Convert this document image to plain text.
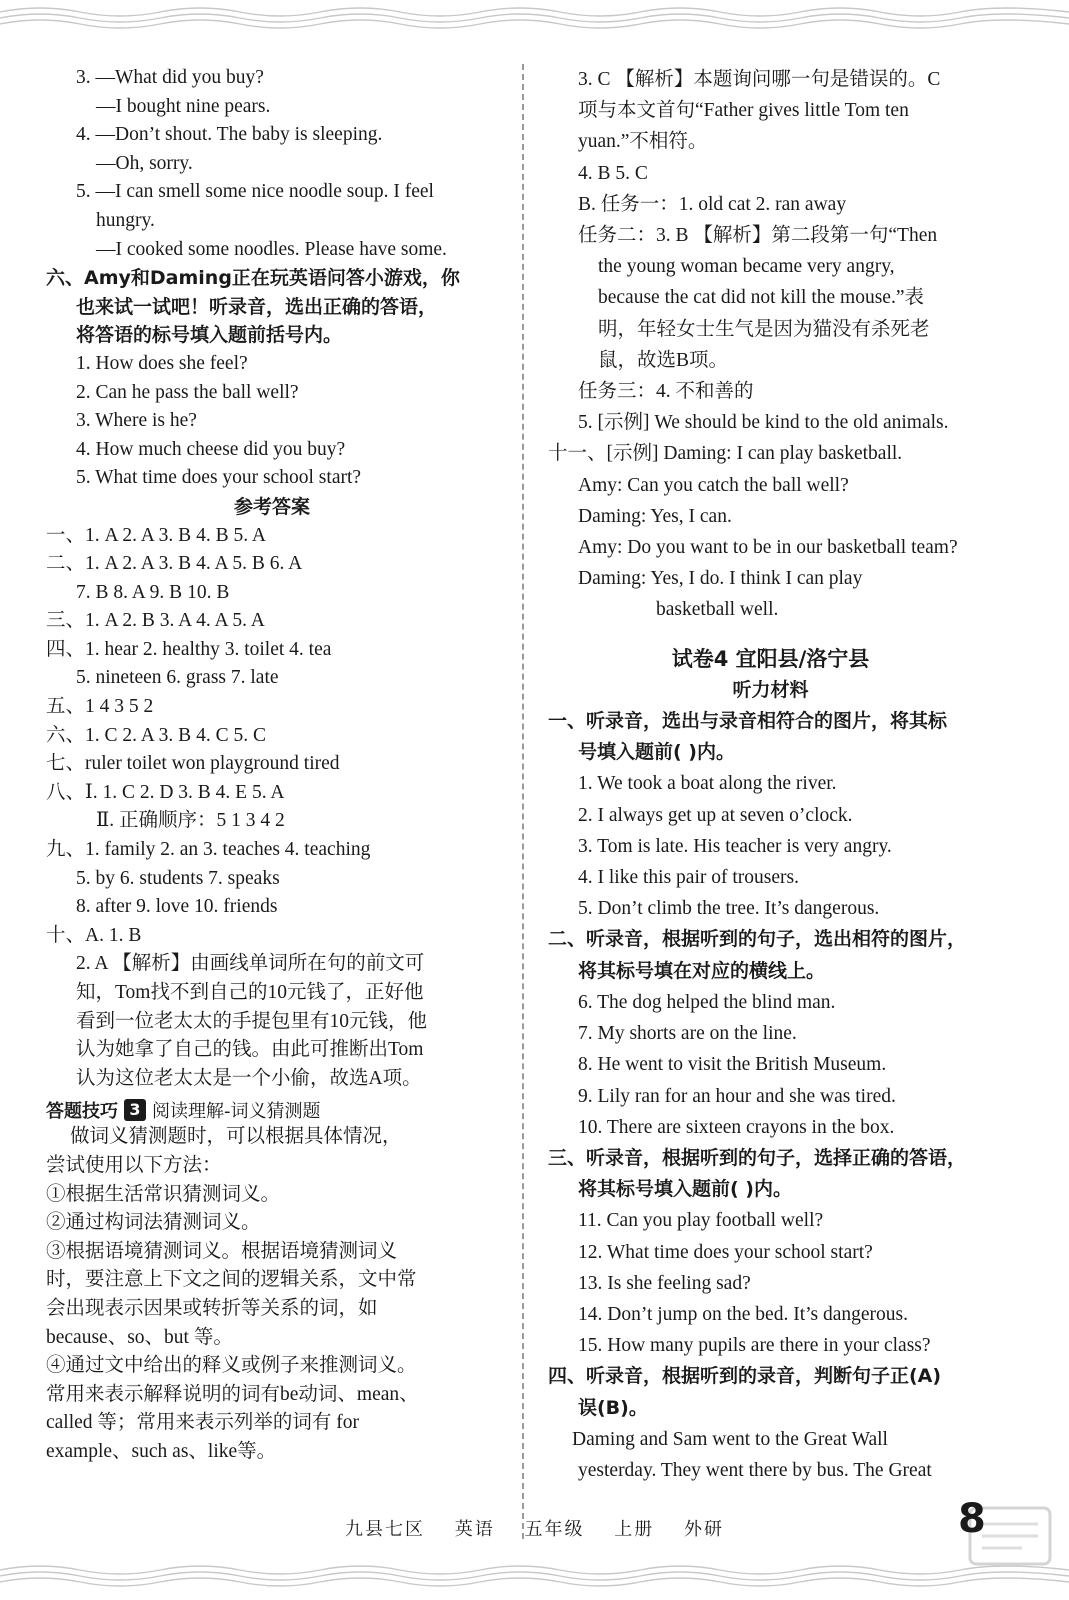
3. —What did you buy?
—I bought nine pears.
4. —Don’t shout. The baby is sleeping.
—Oh, sorry.
5. —I can smell some nice noodle soup. I feel
hungry.
—I cooked some noodles. Please have some.
六、Amy和Daming正在玩英语问答小游戏，你
也来试一试吧！听录音，选出正确的答语，
将答语的标号填入题前括号内。
1. How does she feel?
2. Can he pass the ball well?
3. Where is he?
4. How much cheese did you buy?
5. What time does your school start?
参考答案
一、1. A 2. A 3. B 4. B 5. A
二、1. A 2. A 3. B 4. A 5. B 6. A
7. B 8. A 9. B 10. B
三、1. A 2. B 3. A 4. A 5. A
四、1. hear 2. healthy 3. toilet 4. tea
5. nineteen 6. grass 7. late
五、1 4 3 5 2
六、1. C 2. A 3. B 4. C 5. C
七、ruler toilet won playground tired
八、Ⅰ. 1. C 2. D 3. B 4. E 5. A
Ⅱ. 正确顺序：5 1 3 4 2
九、1. family 2. an 3. teaches 4. teaching
5. by 6. students 7. speaks
8. after 9. love 10. friends
十、A. 1. B
2. A 【解析】由画线单词所在句的前文可
知，Tom找不到自己的10元钱了，正好他
看到一位老太太的手提包里有10元钱，他
认为她拿了自己的钱。由此可推断出Tom
认为这位老太太是一个小偷，故选A项。
答题技巧 3 阅读理解-词义猜测题
做词义猜测题时，可以根据具体情况，
尝试使用以下方法：
①根据生活常识猜测词义。
②通过构词法猜测词义。
③根据语境猜测词义。根据语境猜测词义
时，要注意上下文之间的逻辑关系，文中常
会出现表示因果或转折等关系的词，如
because、so、but 等。
④通过文中给出的释义或例子来推测词义。
常用来表示解释说明的词有be动词、mean、
called 等；常用来表示列举的词有 for
example、such as、like等。
3. C 【解析】本题询问哪一句是错误的。C
项与本文首句“Father gives little Tom ten
yuan.”不相符。
4. B 5. C
B. 任务一：1. old cat 2. ran away
任务二：3. B 【解析】第二段第一句“Then
the young woman became very angry,
because the cat did not kill the mouse.”表
明，年轻女士生气是因为猫没有杀死老
鼠，故选B项。
任务三：4. 不和善的
5. [示例] We should be kind to the old animals.
十一、[示例] Daming: I can play basketball.
Amy: Can you catch the ball well?
Daming: Yes, I can.
Amy: Do you want to be in our basketball team?
Daming: Yes, I do. I think I can play
basketball well.
试卷4 宜阳县/洛宁县
听力材料
一、听录音，选出与录音相符合的图片，将其标
号填入题前( )内。
1. We took a boat along the river.
2. I always get up at seven o’clock.
3. Tom is late. His teacher is very angry.
4. I like this pair of trousers.
5. Don’t climb the tree. It’s dangerous.
二、听录音，根据听到的句子，选出相符的图片，
将其标号填在对应的横线上。
6. The dog helped the blind man.
7. My shorts are on the line.
8. He went to visit the British Museum.
9. Lily ran for an hour and she was tired.
10. There are sixteen crayons in the box.
三、听录音，根据听到的句子，选择正确的答语，
将其标号填入题前( )内。
11. Can you play football well?
12. What time does your school start?
13. Is she feeling sad?
14. Don’t jump on the bed. It’s dangerous.
15. How many pupils are there in your class?
四、听录音，根据听到的录音，判断句子正(A)
误(B)。
Daming and Sam went to the Great Wall
yesterday. They went there by bus. The Great
九县七区 英语 五年级 上册 外研	8
